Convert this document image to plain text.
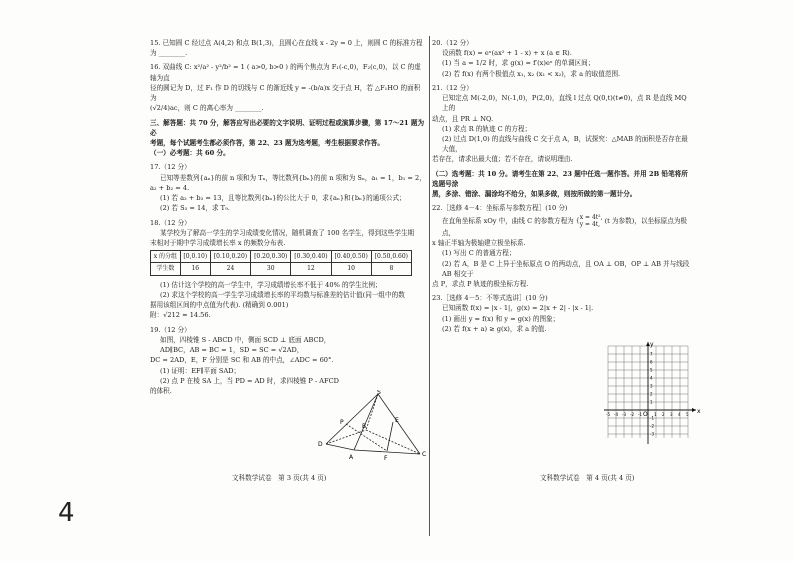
15. 已知圆 C 经过点 A(4,2) 和点 B(1,3)，且圆心在直线 x - 2y = 0 上，则圆 C 的标准方程为 ________.

16. 双曲线 C: x²/a² - y²/b² = 1 ( a>0, b>0 ) 的两个焦点为 F₁(-c,0)，F₂(c,0)，以 C 的虚轴为直

径的圆记为 D，过 F₁ 作 D 的切线与 C 的渐近线 y = -(b/a)x 交于点 H，若 △F₁HO 的面积为

(√2/4)ac，则 C 的离心率为 ________.

三、解答题：共 70 分，解答应写出必要的文字说明、证明过程或演算步骤，第 17～21 题为必

考题，每个试题考生都必须作答，第 22、23 题为选考题，考生根据要求作答。

（一）必考题：共 60 分。

17.（12 分）

已知等差数列{aₙ}的前 n 项和为 Tₙ，等比数列{bₙ}的前 n 项和为 Sₙ，a₁ = 1，b₁ = 2，

a₂ + b₂ = 4.

(1) 若 a₃ + b₃ = 13，且等比数列{bₙ}的公比大于 0，求{aₙ}和{bₙ}的通项公式；

(2) 若 S₃ = 14，求 T₉.

18.（12 分）

某学校为了解高一学生的学习成绩变化情况，随机调查了 100 名学生，得到这些学生期

末相对于期中学习成绩增长率 x 的频数分布表.

x 的分组	[0,0.10)	[0.10,0.20)	[0.20,0.30)	[0.30,0.40)	[0.40,0.50)	[0.50,0.60)
学生数	16	24	30	12	10	8

(1) 估计这个学校的高一学生中，学习成绩增长率不低于 40% 的学生比例；

(2) 求这个学校的高一学生学习成绩增长率的平均数与标准差的估计值(同一组中的数

据用该组区间的中点值为代表). (精确到 0.001)

附：√212 ≈ 14.56.

19.（12 分）

如图，四棱锥 S - ABCD 中，侧面 SCD ⊥ 底面 ABCD，AD∥BC，AB = BC = 1，SD = SC = √2AD，

DC = 2AD，E，F 分别是 SC 和 AB 的中点，∠ADC = 60°.

(1) 证明：EF∥平面 SAD；

(2) 点 P 在棱 SA 上，当 PD = AD 时，求四棱锥 P - AFCD

的体积.	S
E
P
D
C
A	F
B

20.（12 分）

设函数 f(x) = eˣ(ax² + 1 - x) + x (a ∈ R).

(1) 当 a = 1/2 时，求 g(x) = f′(x)eˣ 的单调区间；

(2) 若 f(x) 有两个极值点 x₁, x₂ (x₁ < x₂)，求 a 的取值范围.

21.（12 分）

已知定点 M(-2,0)，N(-1,0)，P(2,0)，直线 l 过点 Q(0,t)(t≠0)，点 R 是直线 MQ 上的

动点，且 PR ⊥ NQ.

(1) 求点 R 的轨迹 C 的方程；

(2) 过点 D(1,0) 的直线与曲线 C 交于点 A，B，试探究：△MAB 的面积是否存在最大值，

若存在，请求出最大值；若不存在，请说明理由.

（二）选考题：共 10 分。请考生在第 22、23 题中任选一题作答。并用 2B 铅笔将所选题号涂

黑，多涂、错涂、漏涂均不给分，如果多做，则按所做的第一题计分。

22.［选修 4－4：坐标系与参数方程］(10 分)

在直角坐标系 xOy 中，曲线 C 的参数方程为 {x = 4t²,
y = 4t, (t 为参数)，以坐标原点为极点，

x 轴正半轴为极轴建立极坐标系.

(1) 写出 C 的普通方程；

(2) 若 A，B 是 C 上异于坐标原点 O 的两动点，且 OA ⊥ OB，OP ⊥ AB 并与线段 AB 相交于

点 P，求点 P 轨迹的极坐标方程.

23.［选修 4－5：不等式选讲］(10 分)

已知函数 f(x) = |x - 1|，g(x) = 2|x + 2| - |x - 1|.

(1) 画出 y = f(x) 和 y = g(x) 的图象；

(2) 若 f(x + a) ≥ g(x)，求 a 的值.

y
x
O
-5 -4 -3 -2 -1	1 2 3 4 5
7
6
5
4
3
2
1
-1
-2
-3
文科数学试卷　第 3 页(共 4 页)	文科数学试卷　第 4 页(共 4 页)
4
